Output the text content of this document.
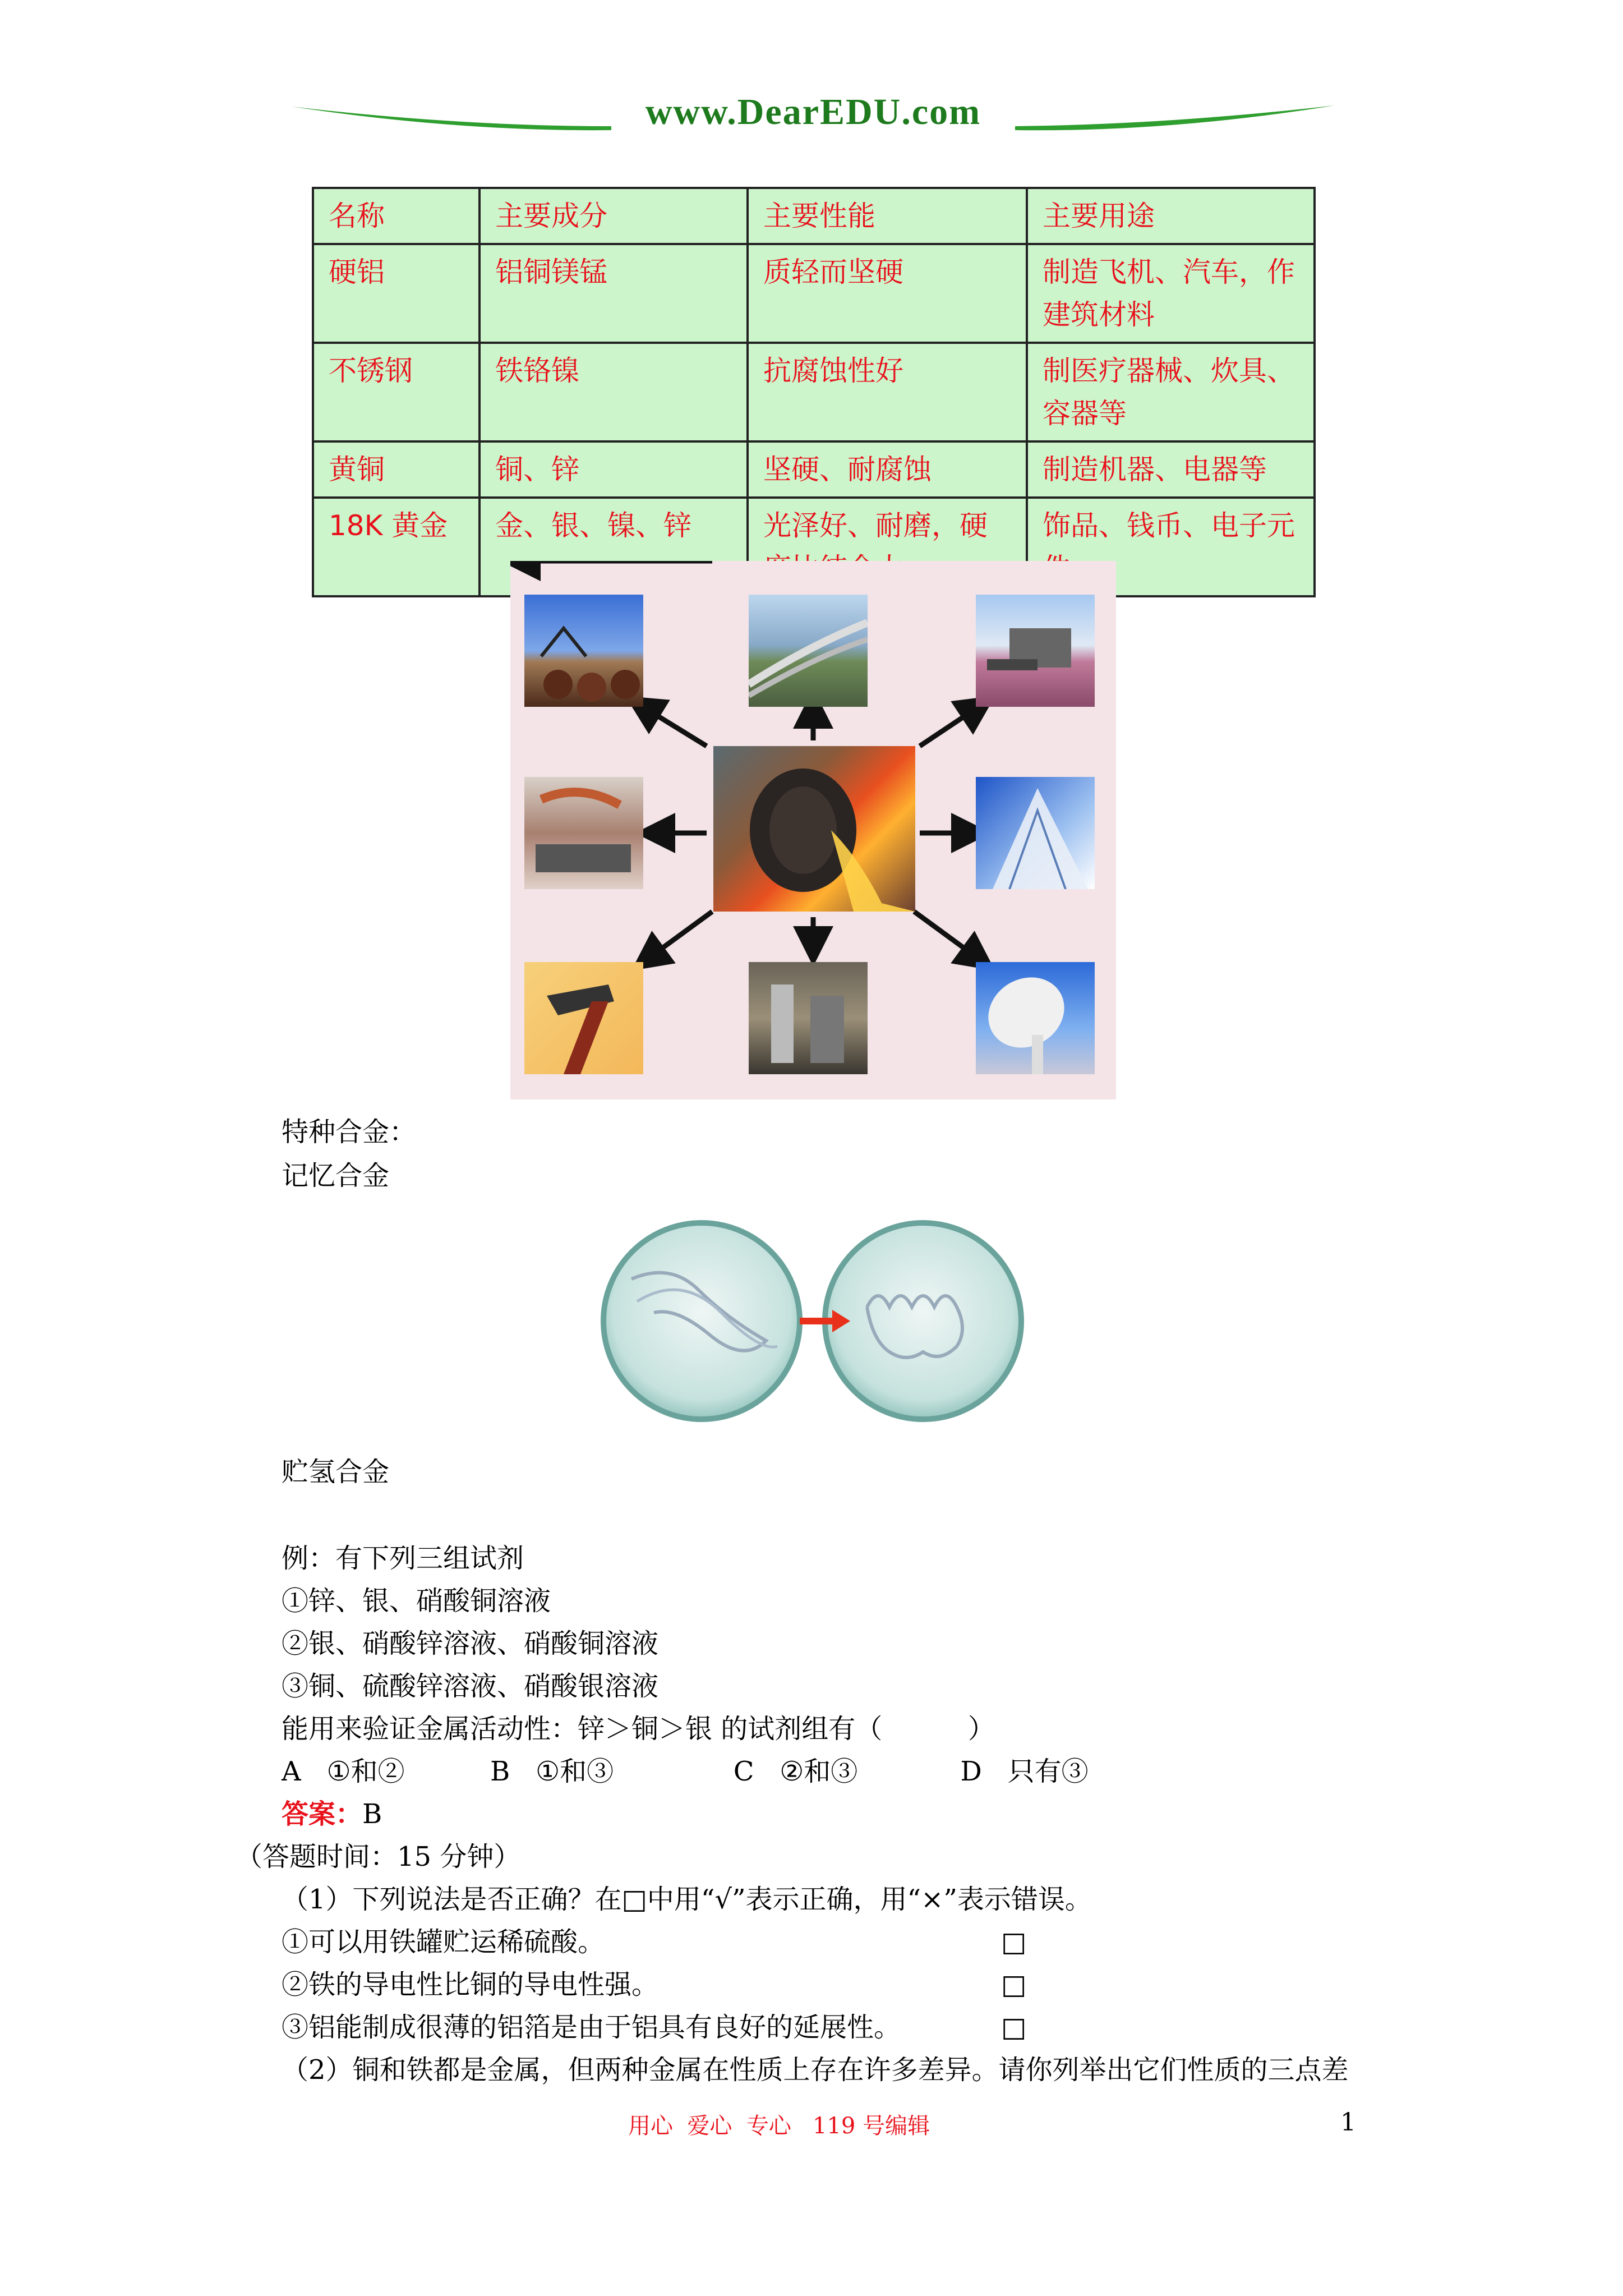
www.DearEDU.com
名称	主要成分	主要性能	主要用途
硬铝	铝铜镁锰	质轻而坚硬	制造飞机、汽车，作建筑材料
不锈钢	铁铬镍	抗腐蚀性好	制医疗器械、炊具、容器等
黄铜	铜、锌	坚硬、耐腐蚀	制造机器、电器等
18K 黄金	金、银、镍、锌	光泽好、耐磨，硬	饰品、钱币、电子元
特种合金：
记忆合金
贮氢合金
例：有下列三组试剂
①锌、银、硝酸铜溶液
②银、硝酸锌溶液、硝酸铜溶液
③铜、硫酸锌溶液、硝酸银溶液
能用来验证金属活动性：锌＞铜＞银 的试剂组有（          ）
A   ①和②          B   ①和③              C   ②和③            D   只有③
答案：B
（答题时间：15 分钟）
（1）下列说法是否正确？在□中用“√”表示正确，用“×”表示错误。
①可以用铁罐贮运稀硫酸。	□
②铁的导电性比铜的导电性强。	□
③铝能制成很薄的铝箔是由于铝具有良好的延展性。	□
（2）铜和铁都是金属，但两种金属在性质上存在许多差异。请你列举出它们性质的三点差
用心  爱心  专心   119 号编辑	1
